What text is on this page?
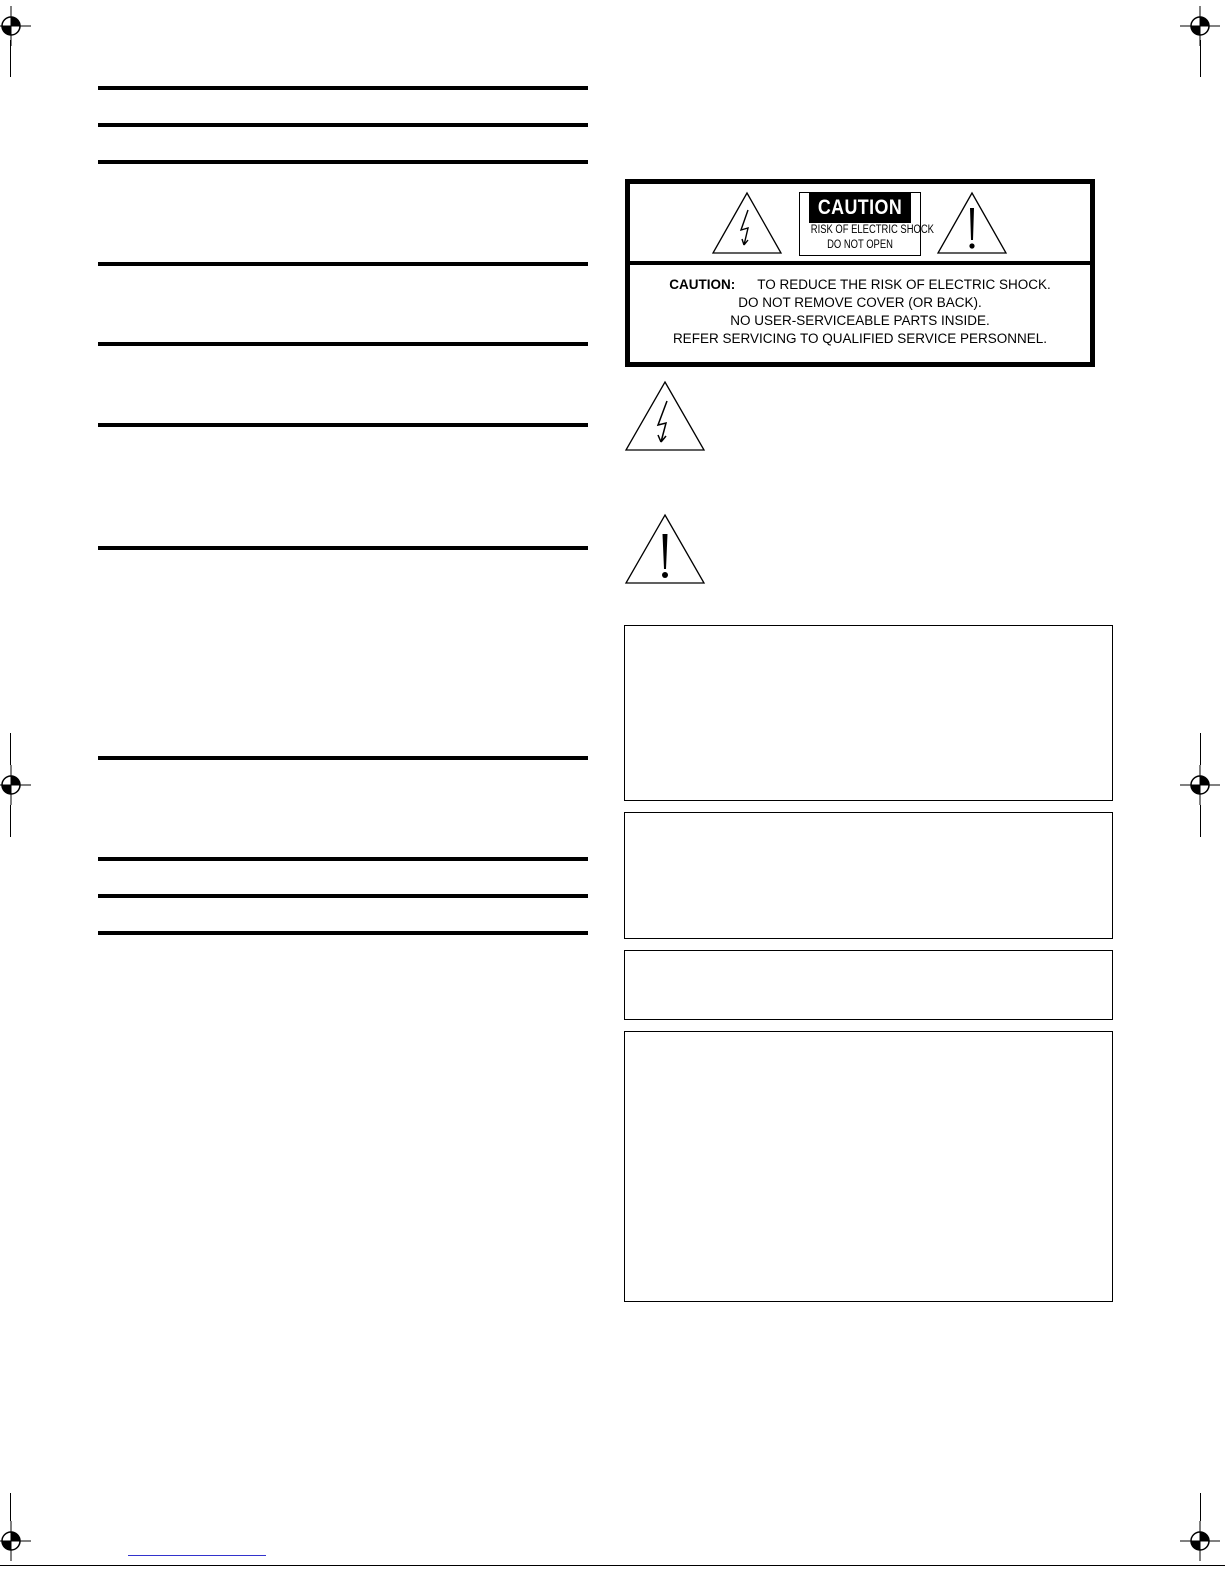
CAUTION
RISK OF ELECTRIC SHOCK
DO NOT OPEN
CAUTION: TO REDUCE THE RISK OF ELECTRIC SHOCK.
DO NOT REMOVE COVER (OR BACK).
NO USER-SERVICEABLE PARTS INSIDE.
REFER SERVICING TO QUALIFIED SERVICE PERSONNEL.
